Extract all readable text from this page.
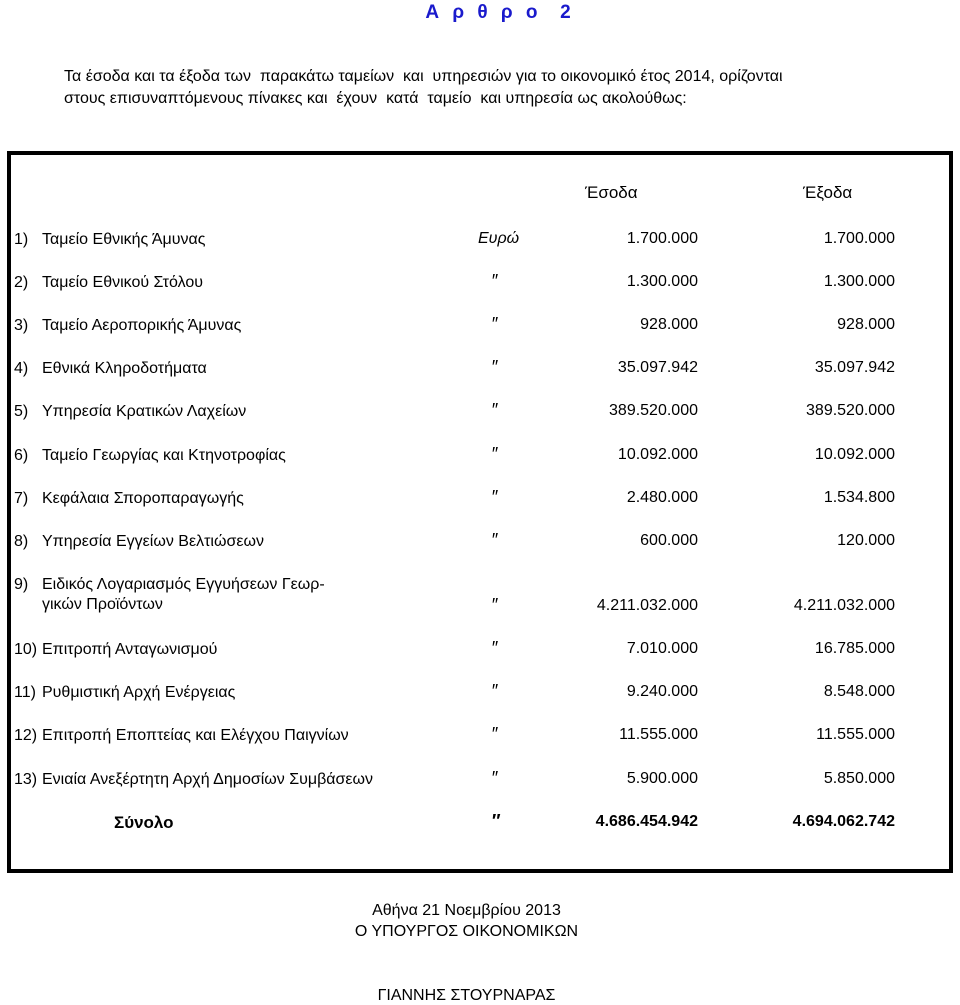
Α ρ θ ρ ο  2
Τα έσοδα και τα έξοδα των  παρακάτω ταμείων  και  υπηρεσιών για το οικονομικό έτος 2014, ορίζονται
στους επισυναπτόμενους πίνακες και  έχουν  κατά  ταμείο  και υπηρεσία ως ακολούθως:
Έσοδα	Έξοδα
1) Ταμείο Εθνικής Άμυνας	Ευρώ	1.700.000	1.700.000
2) Ταμείο Εθνικού Στόλου	″	1.300.000	1.300.000
3) Ταμείο Αεροπορικής Άμυνας	″	928.000	928.000
4) Εθνικά Κληροδοτήματα	″	35.097.942	35.097.942
5) Υπηρεσία Κρατικών Λαχείων	″	389.520.000	389.520.000
6) Ταμείο Γεωργίας και Κτηνοτροφίας	″	10.092.000	10.092.000
7) Κεφάλαια Σποροπαραγωγής	″	2.480.000	1.534.800
8) Υπηρεσία Εγγείων Βελτιώσεων	″	600.000	120.000
9) Ειδικός Λογαριασμός Εγγυήσεων Γεωρ-
γικών Προϊόντων	″	4.211.032.000	4.211.032.000
10) Επιτροπή Ανταγωνισμού	″	7.010.000	16.785.000
11) Ρυθμιστική Αρχή Ενέργειας	″	9.240.000	8.548.000
12) Επιτροπή Εποπτείας και Ελέγχου Παιγνίων	″	11.555.000	11.555.000
13) Ενιαία Ανεξέρτητη Αρχή Δημοσίων Συμβάσεων	″	5.900.000	5.850.000
Σύνολο	″	4.686.454.942	4.694.062.742
Αθήνα 21 Νοεμβρίου 2013
Ο ΥΠΟΥΡΓΟΣ ΟΙΚΟΝΟΜΙΚΩΝ
ΓΙΑΝΝΗΣ ΣΤΟΥΡΝΑΡΑΣ
